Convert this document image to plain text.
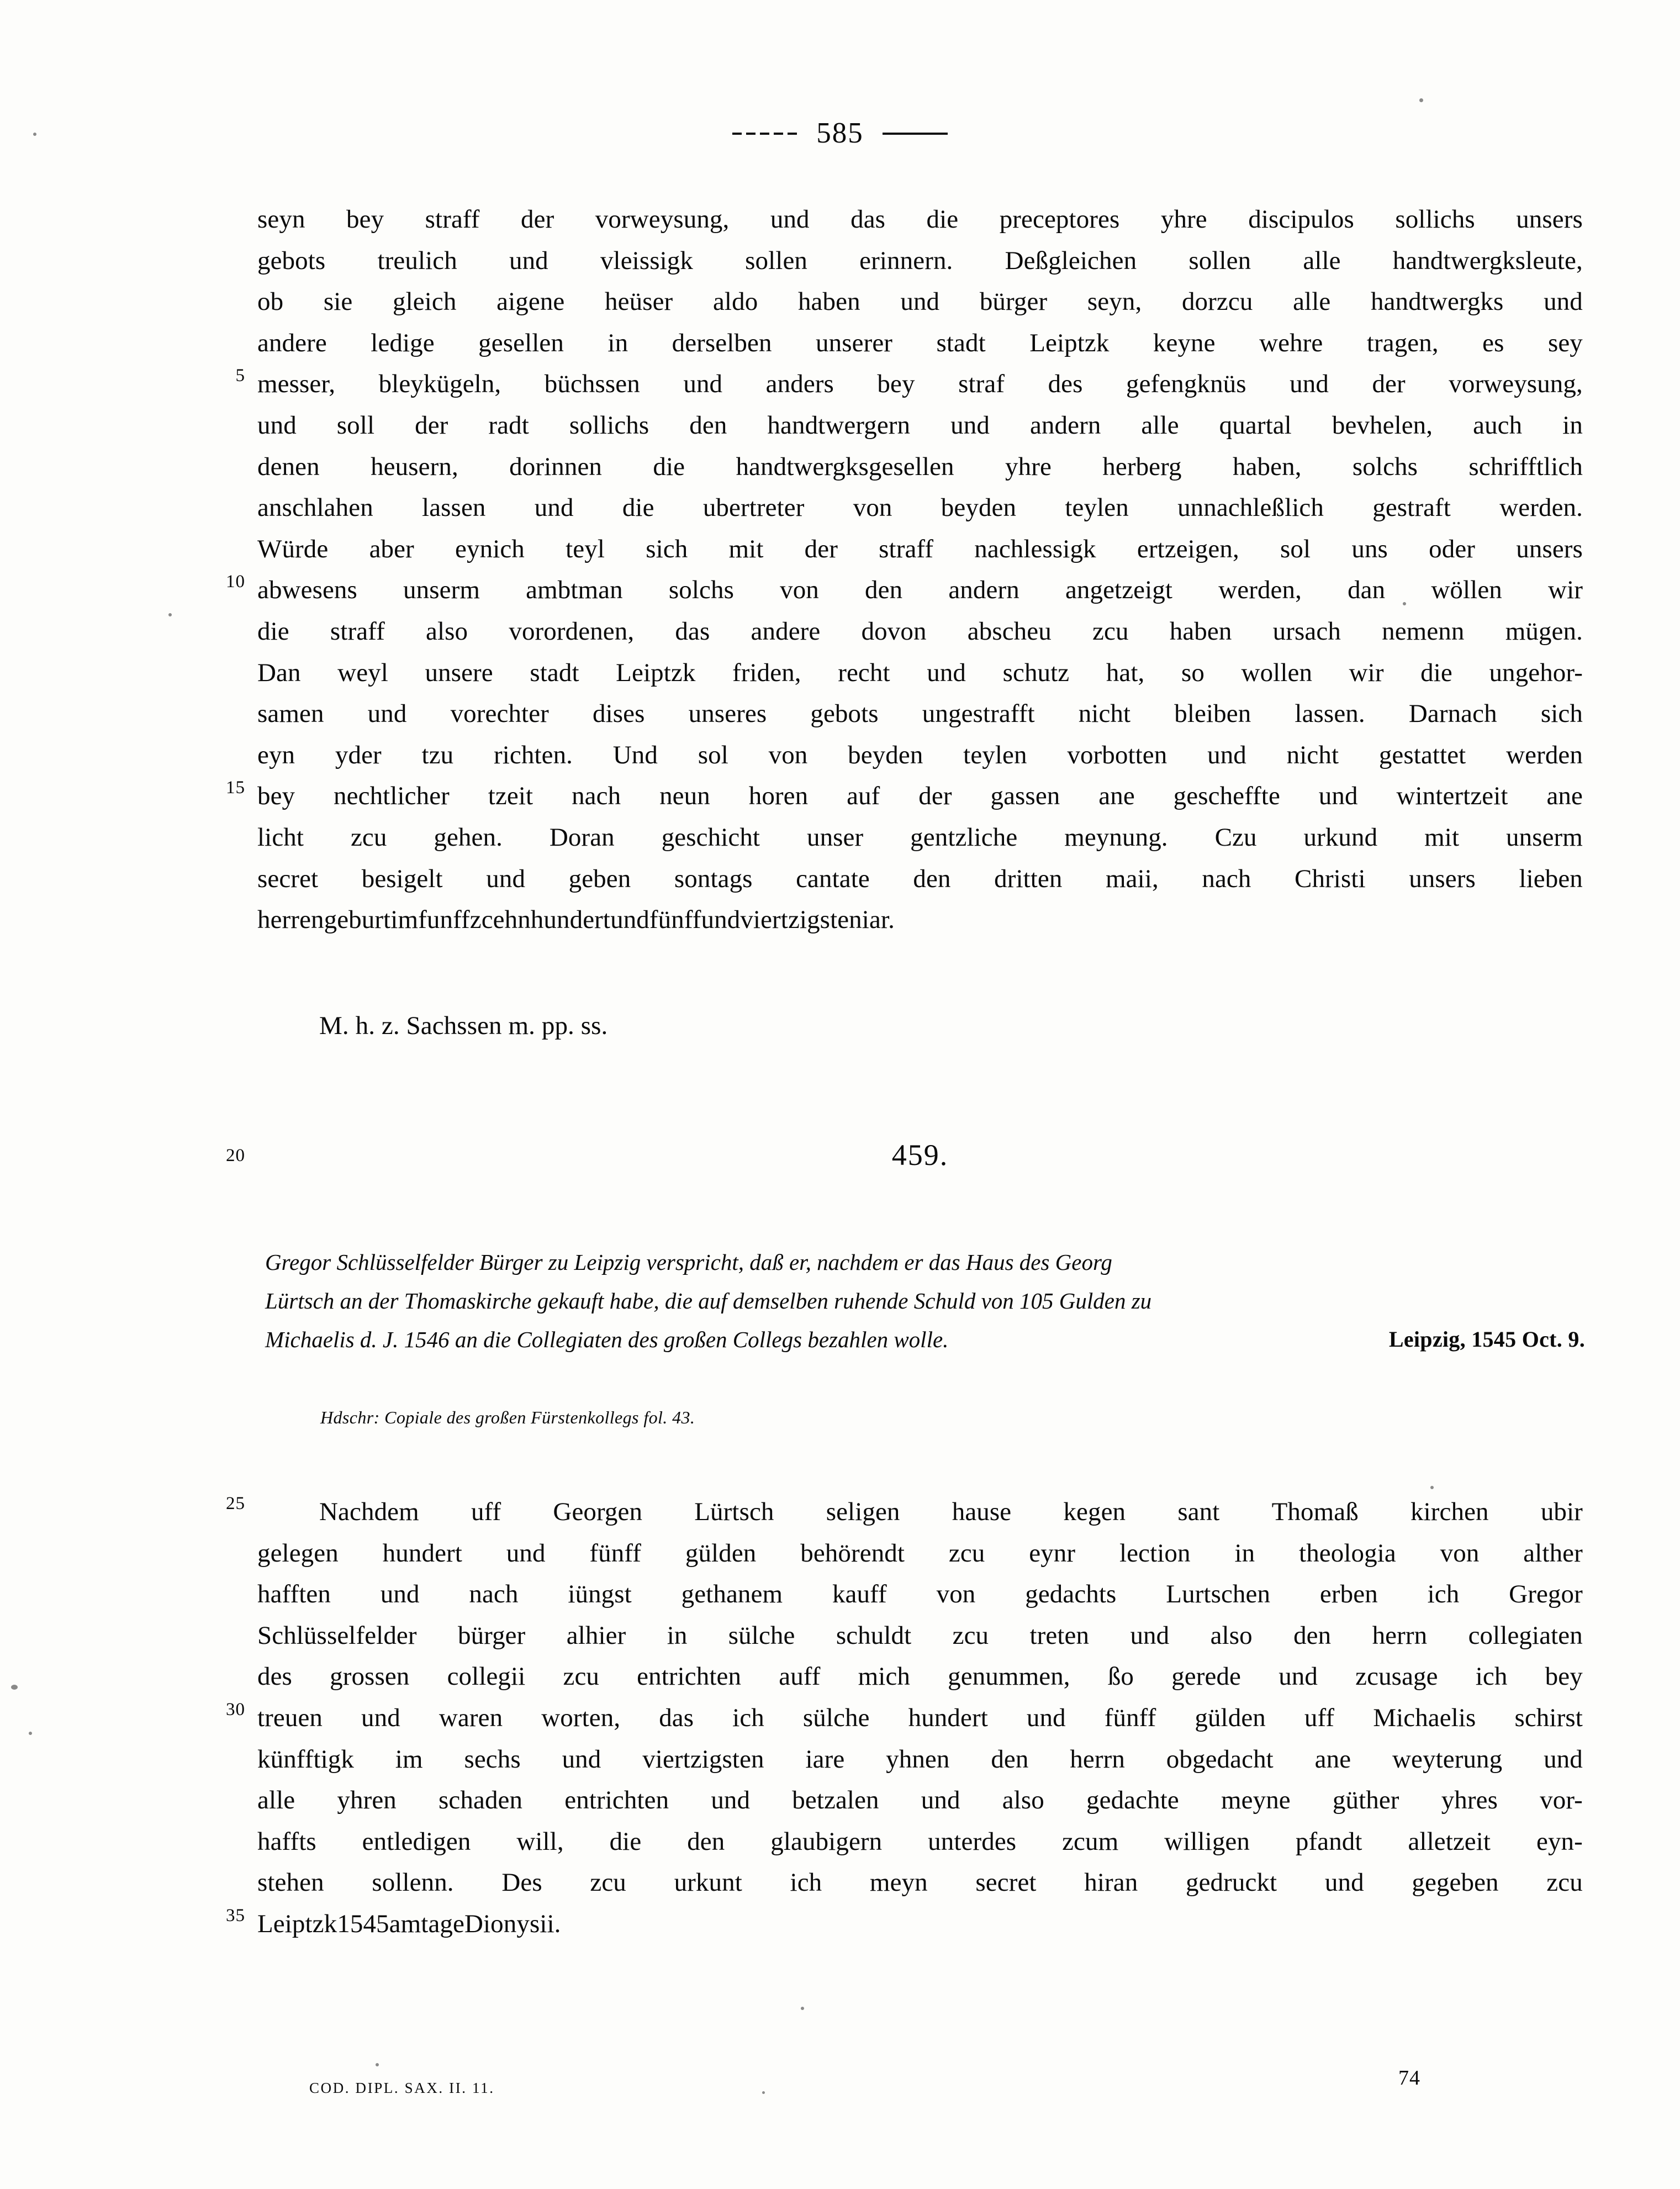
585
seyn bey straff der vorweysung, und das die preceptores yhre discipulos sollichs unsers
gebots treulich und vleissigk sollen erinnern. Deßgleichen sollen alle handtwergksleute,
ob sie gleich aigene heüser aldo haben und bürger seyn, dorzcu alle handtwergks und
andere ledige gesellen in derselben unserer stadt Leiptzk keyne wehre tragen, es sey
5 messer, bleykügeln, büchssen und anders bey straf des gefengknüs und der vorweysung,
und soll der radt sollichs den handtwergern und andern alle quartal bevhelen, auch in
denen heusern, dorinnen die handtwergksgesellen yhre herberg haben, solchs schrifftlich
anschlahen lassen und die ubertreter von beyden teylen unnachleßlich gestraft werden.
Würde aber eynich teyl sich mit der straff nachlessigk ertzeigen, sol uns oder unsers
10 abwesens unserm ambtman solchs von den andern angetzeigt werden, dan wöllen wir
die straff also vorordenen, das andere dovon abscheu zcu haben ursach nemenn mügen.
Dan weyl unsere stadt Leiptzk friden, recht und schutz hat, so wollen wir die ungehor-
samen und vorechter dises unseres gebots ungestrafft nicht bleiben lassen. Darnach sich
eyn yder tzu richten. Und sol von beyden teylen vorbotten und nicht gestattet werden
15 bey nechtlicher tzeit nach neun horen auf der gassen ane gescheffte und wintertzeit ane
licht zcu gehen. Doran geschicht unser gentzliche meynung. Czu urkund mit unserm
secret besigelt und geben sontags cantate den dritten maii, nach Christi unsers lieben
herren geburt im funffzcehnhundert und fünff und viertzigsten iar.
M. h. z. Sachssen m. pp. ss.
20	459.
Gregor Schlüsselfelder Bürger zu Leipzig verspricht, daß er, nachdem er das Haus des Georg
Lürtsch an der Thomaskirche gekauft habe, die auf demselben ruhende Schuld von 105 Gulden zu
Michaelis d. J. 1546 an die Collegiaten des großen Collegs bezahlen wolle.	Leipzig, 1545 Oct. 9.
Hdschr: Copiale des großen Fürstenkollegs fol. 43.
25	Nachdem uff Georgen Lürtsch seligen hause kegen sant Thomaß kirchen ubir
gelegen hundert und fünff gülden behörendt zcu eynr lection in theologia von alther
hafften und nach iüngst gethanem kauff von gedachts Lurtschen erben ich Gregor
Schlüsselfelder bürger alhier in sülche schuldt zcu treten und also den herrn collegiaten
des grossen collegii zcu entrichten auff mich genummen, ßo gerede und zcusage ich bey
30 treuen und waren worten, das ich sülche hundert und fünff gülden uff Michaelis schirst
künfftigk im sechs und viertzigsten iare yhnen den herrn obgedacht ane weyterung und
alle yhren schaden entrichten und betzalen und also gedachte meyne güther yhres vor-
haffts entledigen will, die den glaubigern unterdes zcum willigen pfandt alletzeit eyn-
stehen sollenn. Des zcu urkunt ich meyn secret hiran gedruckt und gegeben zcu
35 Leiptzk 1545 am tage Dionysii.
COD. DIPL. SAX. II. 11.	74
